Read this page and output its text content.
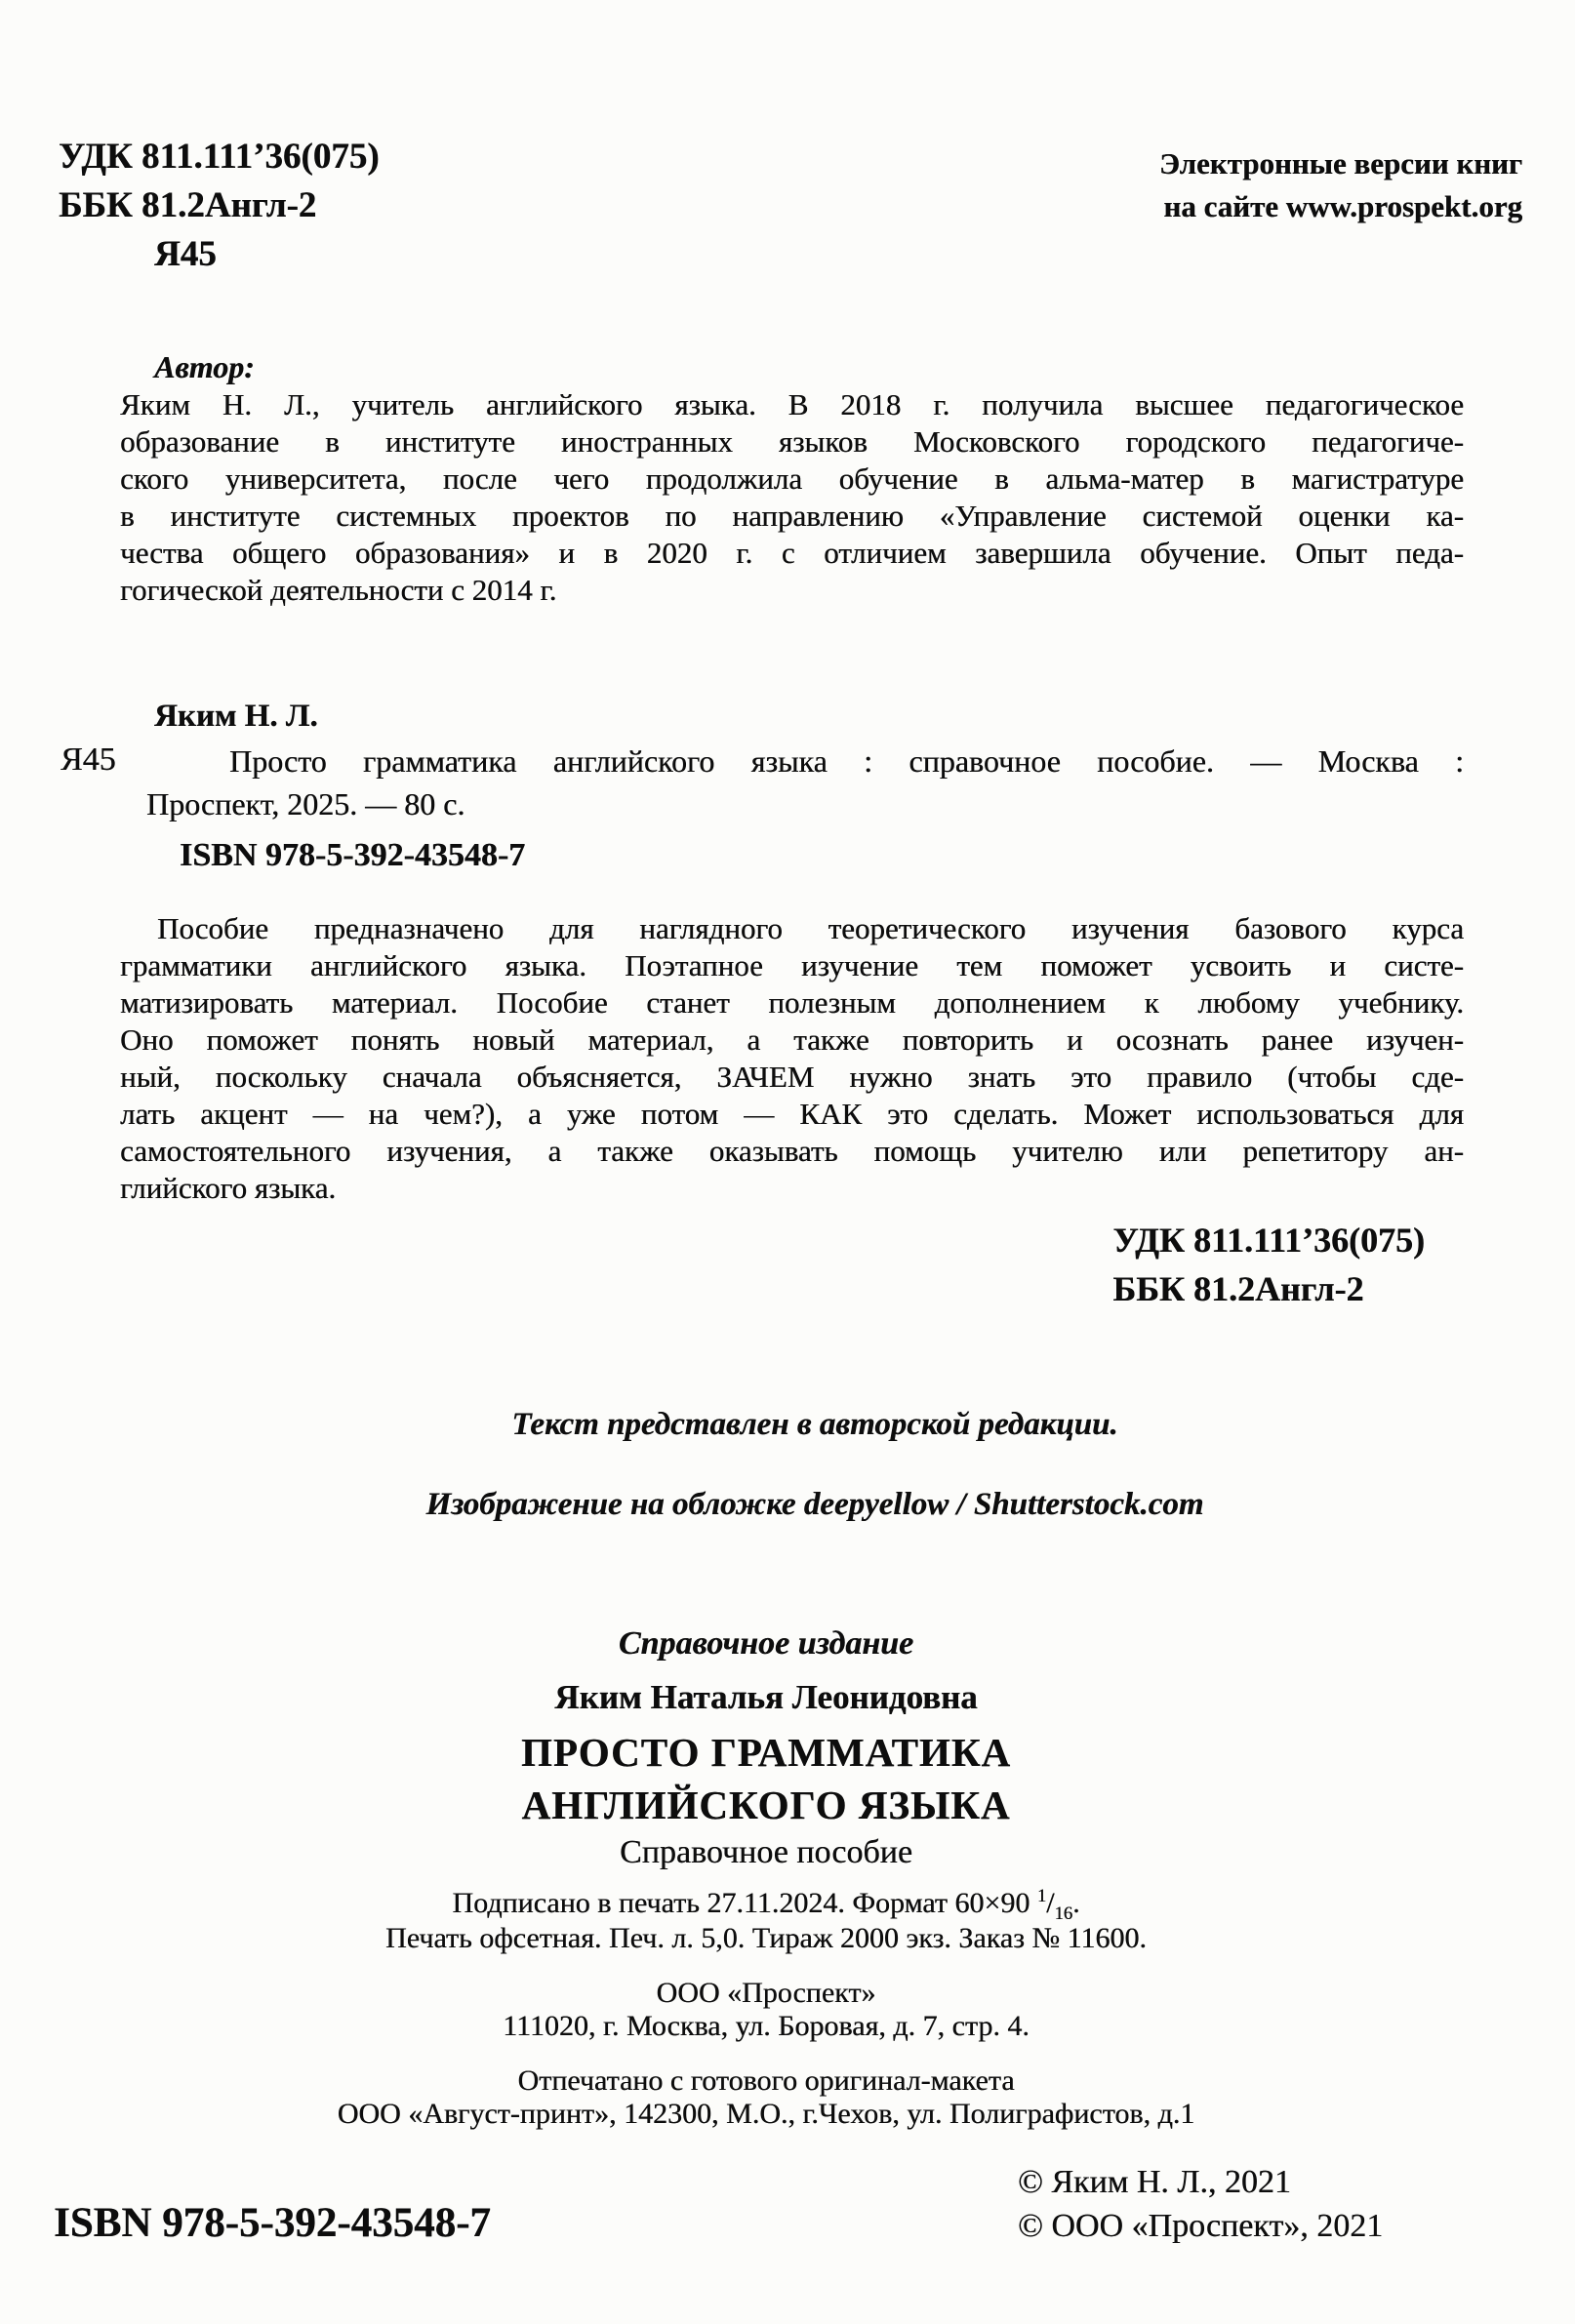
УДК 811.111’36(075)
ББК 81.2Англ-2
Я45
Электронные версии книг
на сайте www.prospekt.org
Автор:
Яким Н. Л., учитель английского языка. В 2018 г. получила высшее педагогическое
образование в институте иностранных языков Московского городского педагогиче-
ского университета, после чего продолжила обучение в альма-матер в магистратуре
в институте системных проектов по направлению «Управление системой оценки ка-
чества общего образования» и в 2020 г. с отличием завершила обучение. Опыт педа-
гогической деятельности с 2014 г.
Яким Н. Л.
Я45	Просто грамматика английского языка : справочное пособие. — Москва :
Проспект, 2025. — 80 с.
ISBN 978-5-392-43548-7
Пособие предназначено для наглядного теоретического изучения базового курса
грамматики английского языка. Поэтапное изучение тем поможет усвоить и систе-
матизировать материал. Пособие станет полезным дополнением к любому учебнику.
Оно поможет понять новый материал, а также повторить и осознать ранее изучен-
ный, поскольку сначала объясняется, ЗАЧЕМ нужно знать это правило (чтобы сде-
лать акцент — на чем?), а уже потом — КАК это сделать. Может использоваться для
самостоятельного изучения, а также оказывать помощь учителю или репетитору ан-
глийского языка.
УДК 811.111’36(075)
ББК 81.2Англ-2
Текст представлен в авторской редакции.
Изображение на обложке deepyellow / Shutterstock.com
Справочное издание
Яким Наталья Леонидовна
ПРОСТО ГРАММАТИКА
АНГЛИЙСКОГО ЯЗЫКА
Справочное пособие
Подписано в печать 27.11.2024. Формат 60×90 $^1/_{16}$.
Печать офсетная. Печ. л. 5,0. Тираж 2000 экз. Заказ № 11600.
ООО «Проспект»
111020, г. Москва, ул. Боровая, д. 7, стр. 4.
Отпечатано с готового оригинал-макета
ООО «Август-принт», 142300, М.О., г.Чехов, ул. Полиграфистов, д.1
ISBN 978-5-392-43548-7
© Яким Н. Л., 2021
© ООО «Проспект», 2021
